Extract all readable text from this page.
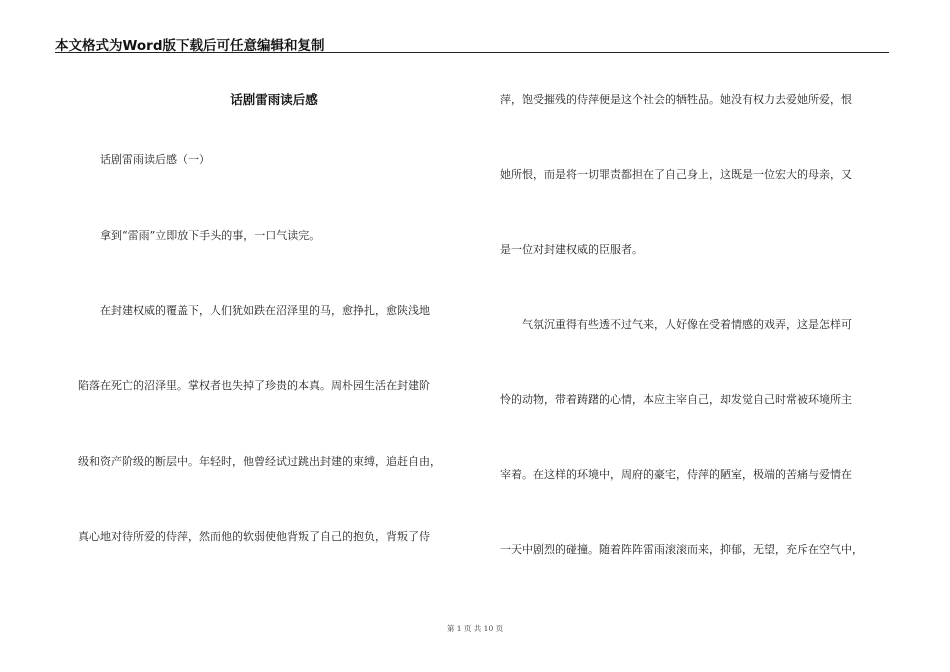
本文格式为Word版下载后可任意编辑和复制
话剧雷雨读后感
话剧雷雨读后感（一）
拿到“雷雨”立即放下手头的事，一口气读完。
在封建权威的覆盖下，人们犹如跌在沼泽里的马，愈挣扎，愈陕浅地
陷落在死亡的沼泽里。掌权者也失掉了珍贵的本真。周朴园生活在封建阶
级和资产阶级的断层中。年轻时，他曾经试过跳出封建的束缚，追赶自由，
真心地对待所爱的侍萍，然而他的软弱使他背叛了自己的抱负，背叛了侍
萍，饱受摧残的侍萍便是这个社会的牺牲品。她没有权力去爱她所爱，恨
她所恨，而是将一切罪责都担在了自己身上，这既是一位宏大的母亲，又
是一位对封建权威的臣服者。
气氛沉重得有些透不过气来，人好像在受着情感的戏弄，这是怎样可
怜的动物，带着踌躇的心情，本应主宰自己，却发觉自己时常被环境所主
宰着。在这样的环境中，周府的豪宅，侍萍的陋室，极端的苦痛与爱情在
一天中剧烈的碰撞。随着阵阵雷雨滚滚而来，抑郁，无望，充斥在空气中，
第 1 页 共 10 页
